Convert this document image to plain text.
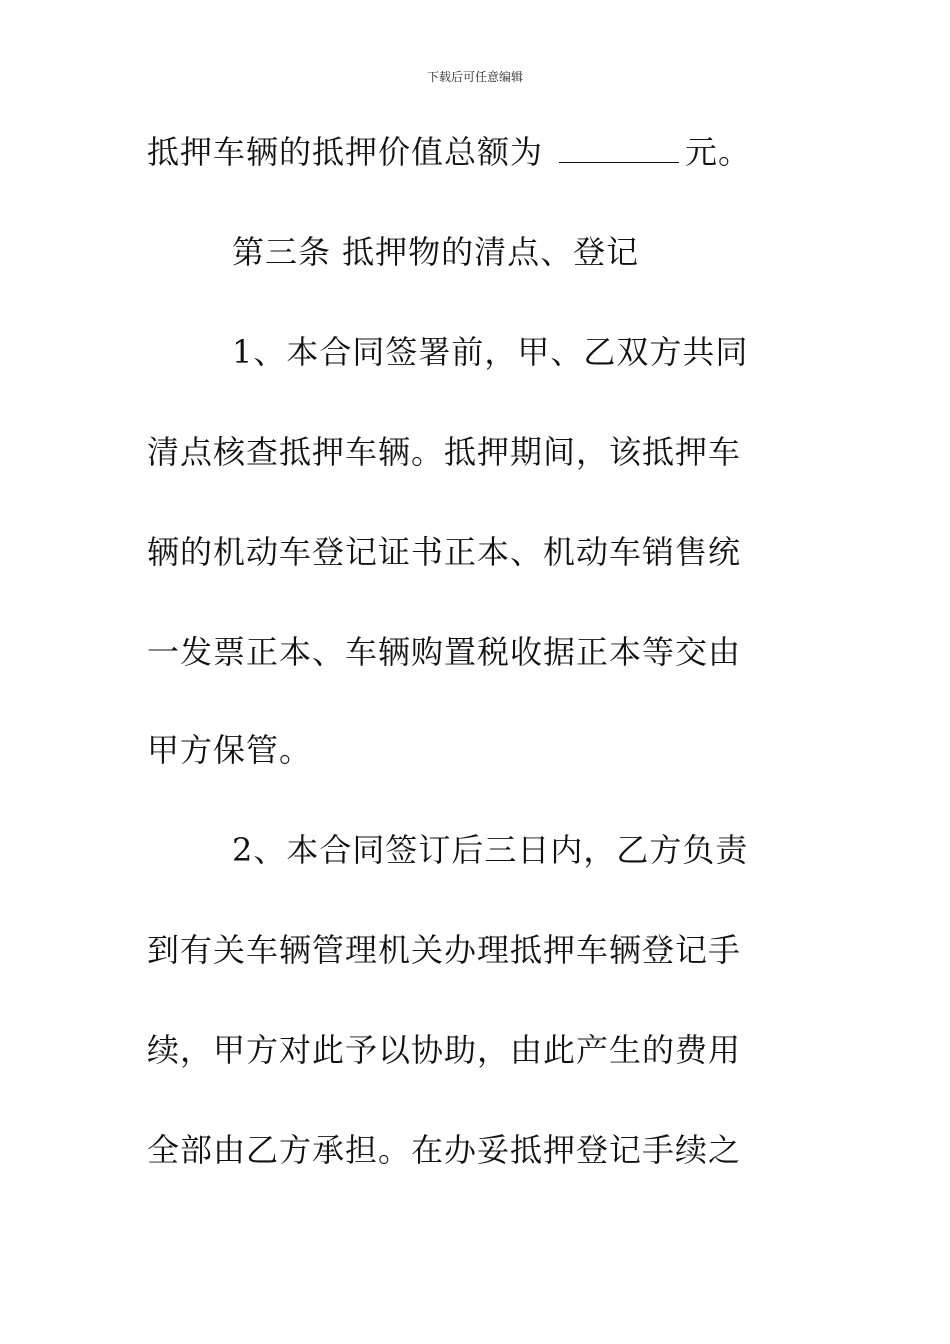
下载后可任意编辑
抵押车辆的抵押价值总额为	元。
第三条 抵押物的清点、登记
1、本合同签署前，甲、乙双方共同
清点核查抵押车辆。抵押期间，该抵押车
辆的机动车登记证书正本、机动车销售统
一发票正本、车辆购置税收据正本等交由
甲方保管。
2、本合同签订后三日内，乙方负责
到有关车辆管理机关办理抵押车辆登记手
续，甲方对此予以协助，由此产生的费用
全部由乙方承担。在办妥抵押登记手续之
